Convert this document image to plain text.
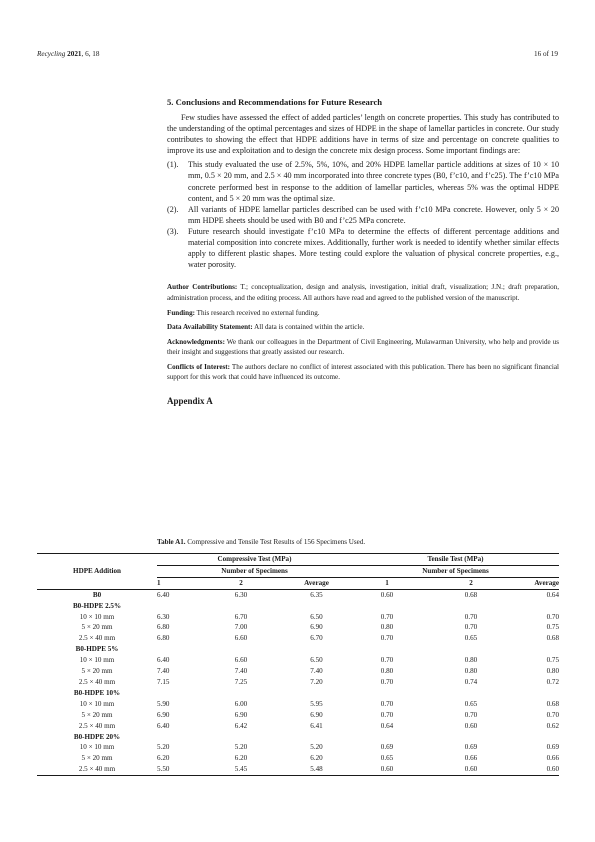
Recycling 2021, 6, 18	16 of 19
5. Conclusions and Recommendations for Future Research

Few studies have assessed the effect of added particles’ length on concrete properties. This study has contributed to the understanding of the optimal percentages and sizes of HDPE in the shape of lamellar particles in concrete. Our study contributes to showing the effect that HDPE additions have in terms of size and percentage on concrete qualities to improve its use and exploitation and to design the concrete mix design process. Some important findings are:

(1). This study evaluated the use of 2.5%, 5%, 10%, and 20% HDPE lamellar particle additions at sizes of 10 × 10 mm, 0.5 × 20 mm, and 2.5 × 40 mm incorporated into three concrete types (B0, f’c10, and f’c25). The f’c10 MPa concrete performed best in response to the addition of lamellar particles, whereas 5% was the optimal HDPE content, and 5 × 20 mm was the optimal size.
(2). All variants of HDPE lamellar particles described can be used with f’c10 MPa concrete. However, only 5 × 20 mm HDPE sheets should be used with B0 and f’c25 MPa concrete.
(3). Future research should investigate f’c10 MPa to determine the effects of different percentage additions and material composition into concrete mixes. Additionally, further work is needed to identify whether similar effects apply to different plastic shapes. More testing could explore the valuation of physical concrete properties, e.g., water porosity.

Author Contributions: T.; conceptualization, design and analysis, investigation, initial draft, visualization; J.N.; draft preparation, administration process, and the editing process. All authors have read and agreed to the published version of the manuscript.

Funding: This research received no external funding.

Data Availability Statement: All data is contained within the article.

Acknowledgments: We thank our colleagues in the Department of Civil Engineering, Mulawarman University, who help and provide us their insight and suggestions that greatly assisted our research.

Conflicts of Interest: The authors declare no conflict of interest associated with this publication. There has been no significant financial support for this work that could have influenced its outcome.

Appendix A
Table A1. Compressive and Tensile Test Results of 156 Specimens Used.
HDPE Addition	Compressive Test (MPa)			Tensile Test (MPa)		
	Number of Specimens			Number of Specimens		
	1	2	Average	1	2	Average
B0	6.40	6.30	6.35	0.60	0.68	0.64
B0-HDPE 2.5%						
10 × 10 mm	6.30	6.70	6.50	0.70	0.70	0.70
5 × 20 mm	6.80	7.00	6.90	0.80	0.70	0.75
2.5 × 40 mm	6.80	6.60	6.70	0.70	0.65	0.68
B0-HDPE 5%						
10 × 10 mm	6.40	6.60	6.50	0.70	0.80	0.75
5 × 20 mm	7.40	7.40	7.40	0.80	0.80	0.80
2.5 × 40 mm	7.15	7.25	7.20	0.70	0.74	0.72
B0-HDPE 10%						
10 × 10 mm	5.90	6.00	5.95	0.70	0.65	0.68
5 × 20 mm	6.90	6.90	6.90	0.70	0.70	0.70
2.5 × 40 mm	6.40	6.42	6.41	0.64	0.60	0.62
B0-HDPE 20%						
10 × 10 mm	5.20	5.20	5.20	0.69	0.69	0.69
5 × 20 mm	6.20	6.20	6.20	0.65	0.66	0.66
2.5 × 40 mm	5.50	5.45	5.48	0.60	0.60	0.60
